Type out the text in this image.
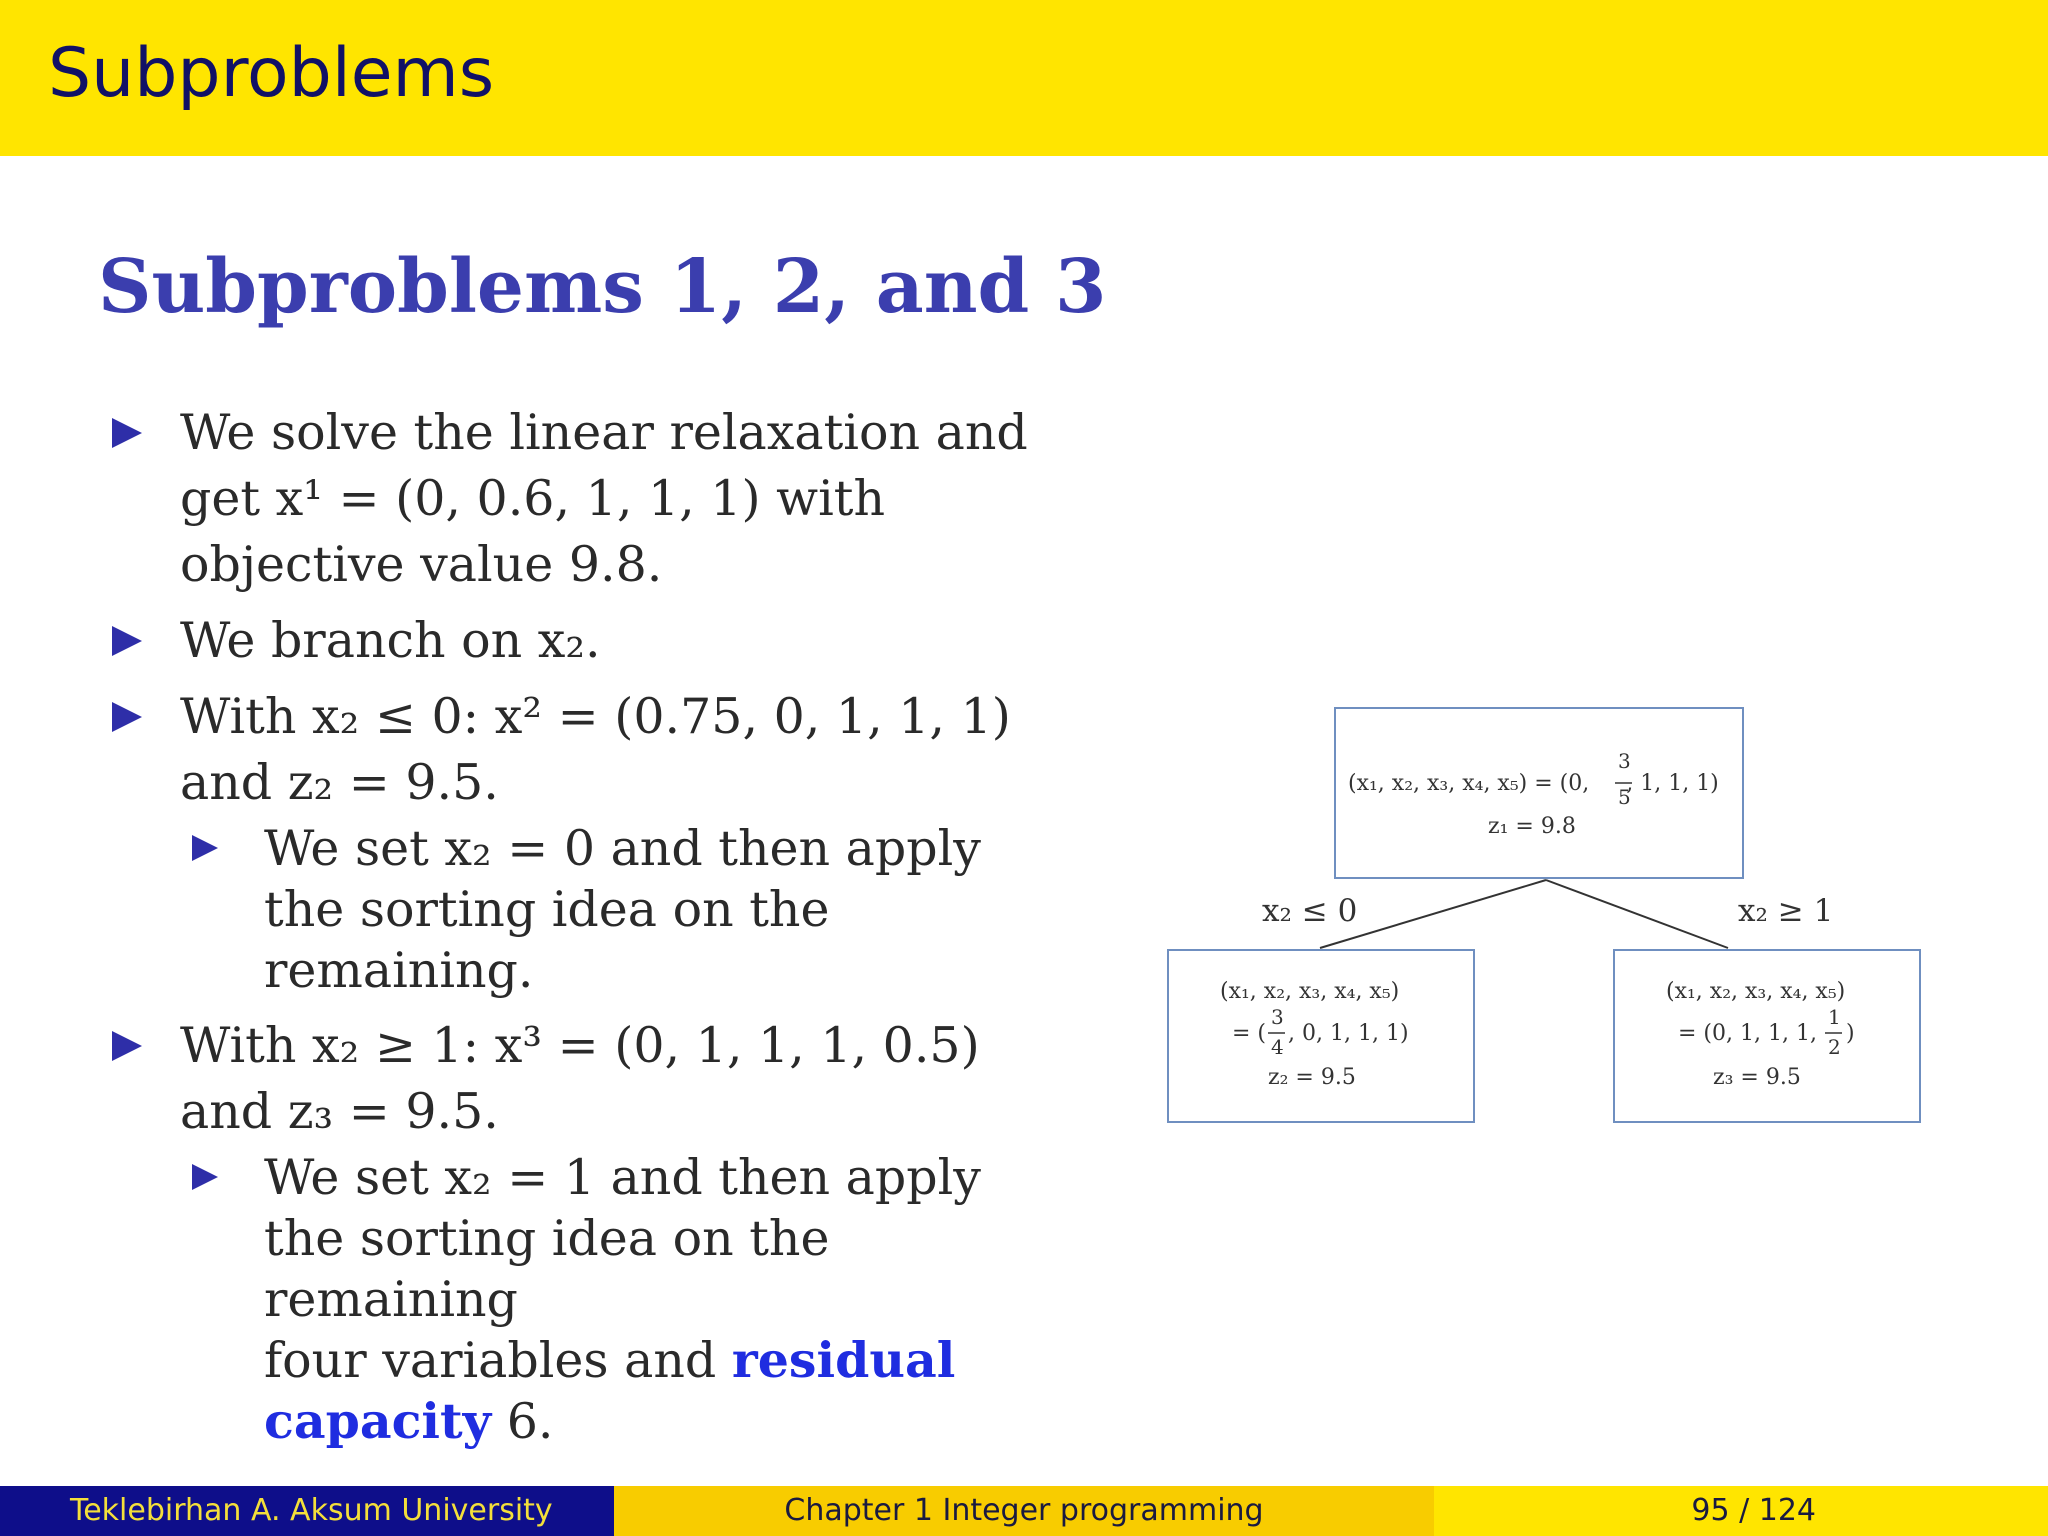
Subproblems
Subproblems 1, 2, and 3
We solve the linear relaxation and
get x¹ = (0, 0.6, 1, 1, 1) with
objective value 9.8.
We branch on x₂.
With x₂ ≤ 0: x² = (0.75, 0, 1, 1, 1)
and z₂ = 9.5.
We set x₂ = 0 and then apply
the sorting idea on the
remaining.
With x₂ ≥ 1: x³ = (0, 1, 1, 1, 0.5)
and z₃ = 9.5.
We set x₂ = 1 and then apply
the sorting idea on the remaining
four variables and residual
capacity 6.
(x₁, x₂, x₃, x₄, x₅) = (0, , 1, 1, 1)
3
5
z₁ = 9.8
x₂ ≤ 0	x₂ ≥ 1
(x₁, x₂, x₃, x₄, x₅)
3
4
= ( , 0, 1, 1, 1)
z₂ = 9.5
(x₁, x₂, x₃, x₄, x₅)
1
2
= (0, 1, 1, 1, )
z₃ = 9.5
Teklebirhan A. Aksum University	Chapter 1 Integer programming	95 / 124
